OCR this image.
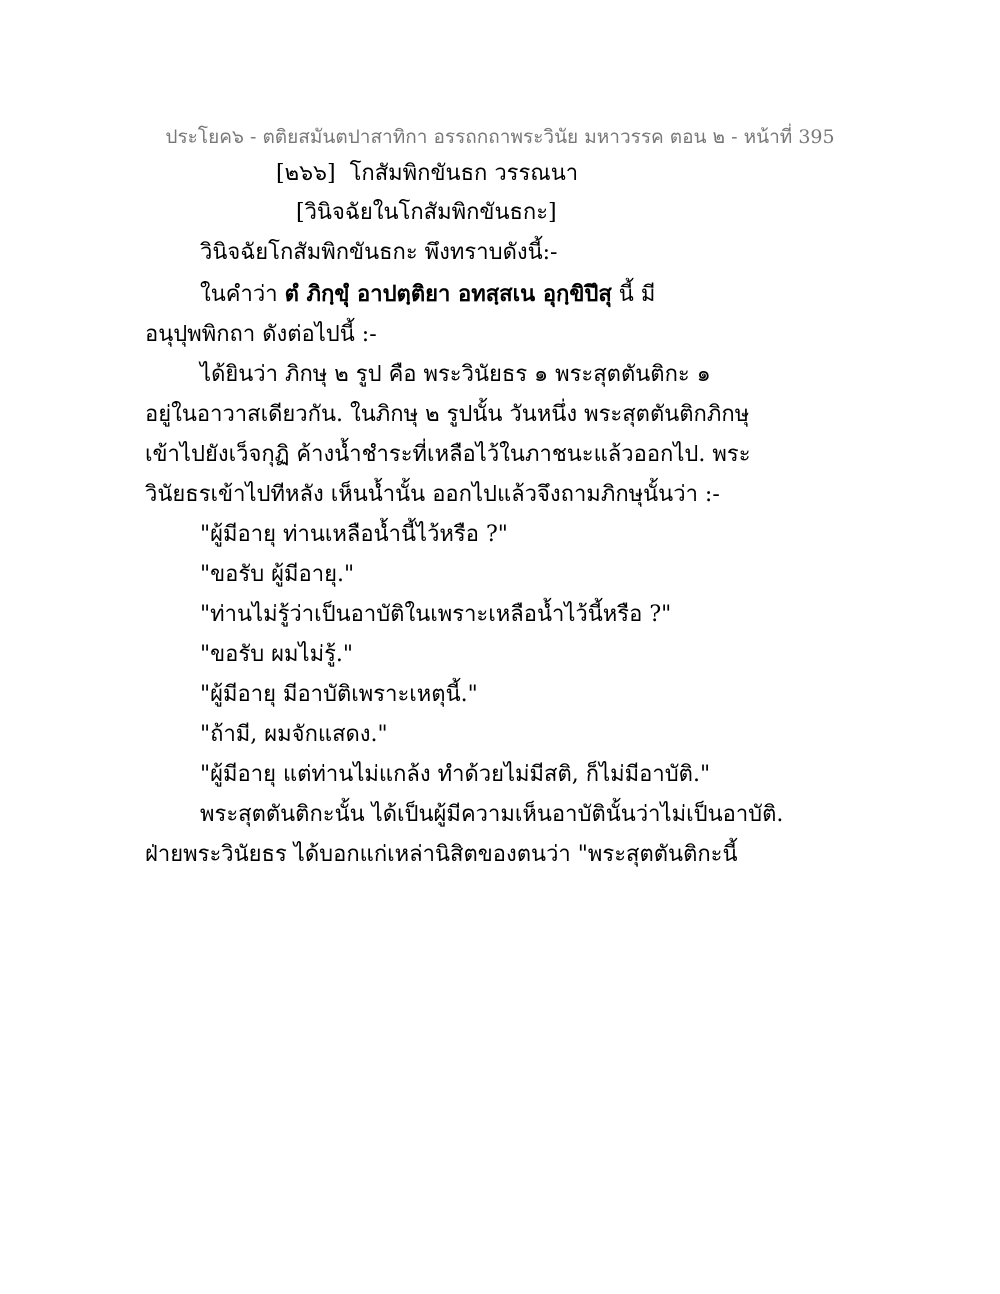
ประโยค๖ - ตติยสมันตปาสาทิกา อรรถกถาพระวินัย มหาวรรค ตอน ๒ - หน้าที่ 395
[๒๖๖] โกสัมพิกขันธก วรรณนา
[วินิจฉัยในโกสัมพิกขันธกะ]
วินิจฉัยโกสัมพิกขันธกะ พึงทราบดังนี้:-
ในคำว่า ตํ ภิกฺขุํ อาปตฺติยา อทสฺสเน อุกฺขิปึสุ นี้ มี
อนุปุพพิกถา ดังต่อไปนี้ :-
ได้ยินว่า ภิกษุ ๒ รูป คือ พระวินัยธร ๑ พระสุตตันติกะ ๑
อยู่ในอาวาสเดียวกัน. ในภิกษุ ๒ รูปนั้น วันหนึ่ง พระสุตตันติกภิกษุ
เข้าไปยังเว็จกุฏิ ค้างน้ำชำระที่เหลือไว้ในภาชนะแล้วออกไป. พระ
วินัยธรเข้าไปทีหลัง เห็นน้ำนั้น ออกไปแล้วจึงถามภิกษุนั้นว่า :-
"ผู้มีอายุ ท่านเหลือน้ำนี้ไว้หรือ ?"
"ขอรับ ผู้มีอายุ."
"ท่านไม่รู้ว่าเป็นอาบัติในเพราะเหลือน้ำไว้นี้หรือ ?"
"ขอรับ ผมไม่รู้."
"ผู้มีอายุ มีอาบัติเพราะเหตุนี้."
"ถ้ามี, ผมจักแสดง."
"ผู้มีอายุ แต่ท่านไม่แกล้ง ทำด้วยไม่มีสติ, ก็ไม่มีอาบัติ."
พระสุตตันติกะนั้น ได้เป็นผู้มีความเห็นอาบัตินั้นว่าไม่เป็นอาบัติ.
ฝ่ายพระวินัยธร ได้บอกแก่เหล่านิสิตของตนว่า "พระสุตตันติกะนี้
